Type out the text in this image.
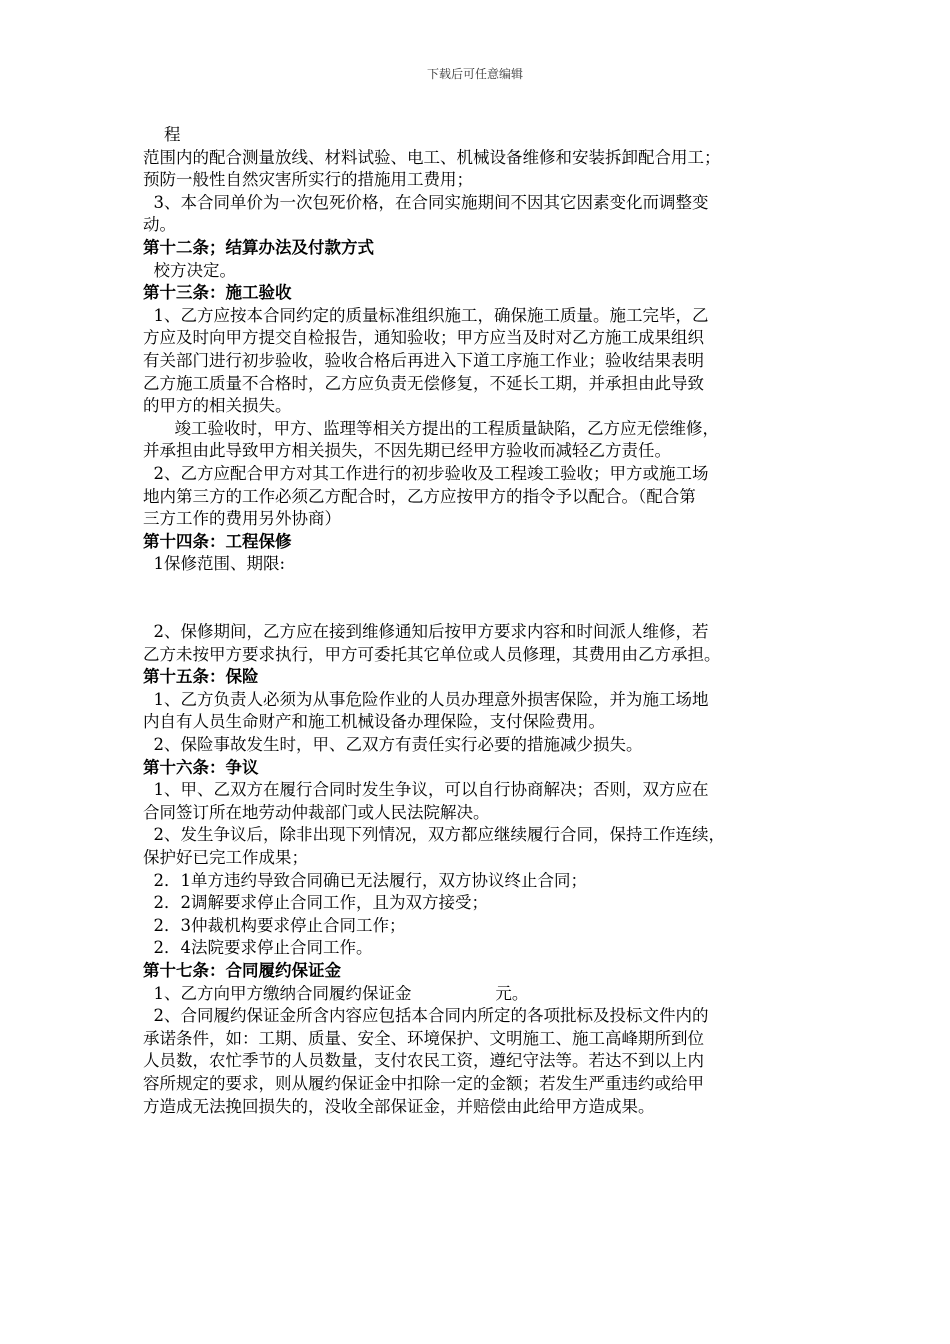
下载后可任意编辑
程
范围内的配合测量放线、材料试验、电工、机械设备维修和安装拆卸配合用工；
预防一般性自然灾害所实行的措施用工费用；
3、本合同单价为一次包死价格，在合同实施期间不因其它因素变化而调整变
动。
第十二条；结算办法及付款方式
校方决定。
第十三条：施工验收
1、乙方应按本合同约定的质量标准组织施工，确保施工质量。施工完毕，乙
方应及时向甲方提交自检报告，通知验收；甲方应当及时对乙方施工成果组织
有关部门进行初步验收，验收合格后再进入下道工序施工作业；验收结果表明
乙方施工质量不合格时，乙方应负责无偿修复，不延长工期，并承担由此导致
的甲方的相关损失。
竣工验收时，甲方、监理等相关方提出的工程质量缺陷，乙方应无偿维修，
并承担由此导致甲方相关损失，不因先期已经甲方验收而减轻乙方责任。
2、乙方应配合甲方对其工作进行的初步验收及工程竣工验收；甲方或施工场
地内第三方的工作必须乙方配合时，乙方应按甲方的指令予以配合。（配合第
三方工作的费用另外协商）
第十四条：工程保修
1保修范围、期限:
2、保修期间，乙方应在接到维修通知后按甲方要求内容和时间派人维修，若
乙方未按甲方要求执行，甲方可委托其它单位或人员修理，其费用由乙方承担。
第十五条：保险
1、乙方负责人必须为从事危险作业的人员办理意外损害保险，并为施工场地
内自有人员生命财产和施工机械设备办理保险，支付保险费用。
2、保险事故发生时，甲、乙双方有责任实行必要的措施减少损失。
第十六条：争议
1、甲、乙双方在履行合同时发生争议，可以自行协商解决；否则，双方应在
合同签订所在地劳动仲裁部门或人民法院解决。
2、发生争议后，除非出现下列情况，双方都应继续履行合同，保持工作连续，
保护好已完工作成果；
2．1单方违约导致合同确已无法履行，双方协议终止合同；
2．2调解要求停止合同工作，且为双方接受；
2．3仲裁机构要求停止合同工作；
2．4法院要求停止合同工作。
第十七条：合同履约保证金
1、乙方向甲方缴纳合同履约保证金                元。
2、合同履约保证金所含内容应包括本合同内所定的各项批标及投标文件内的
承诺条件，如：工期、质量、安全、环境保护、文明施工、施工高峰期所到位
人员数，农忙季节的人员数量，支付农民工资，遵纪守法等。若达不到以上内
容所规定的要求，则从履约保证金中扣除一定的金额；若发生严重违约或给甲
方造成无法挽回损失的，没收全部保证金，并赔偿由此给甲方造成果。
